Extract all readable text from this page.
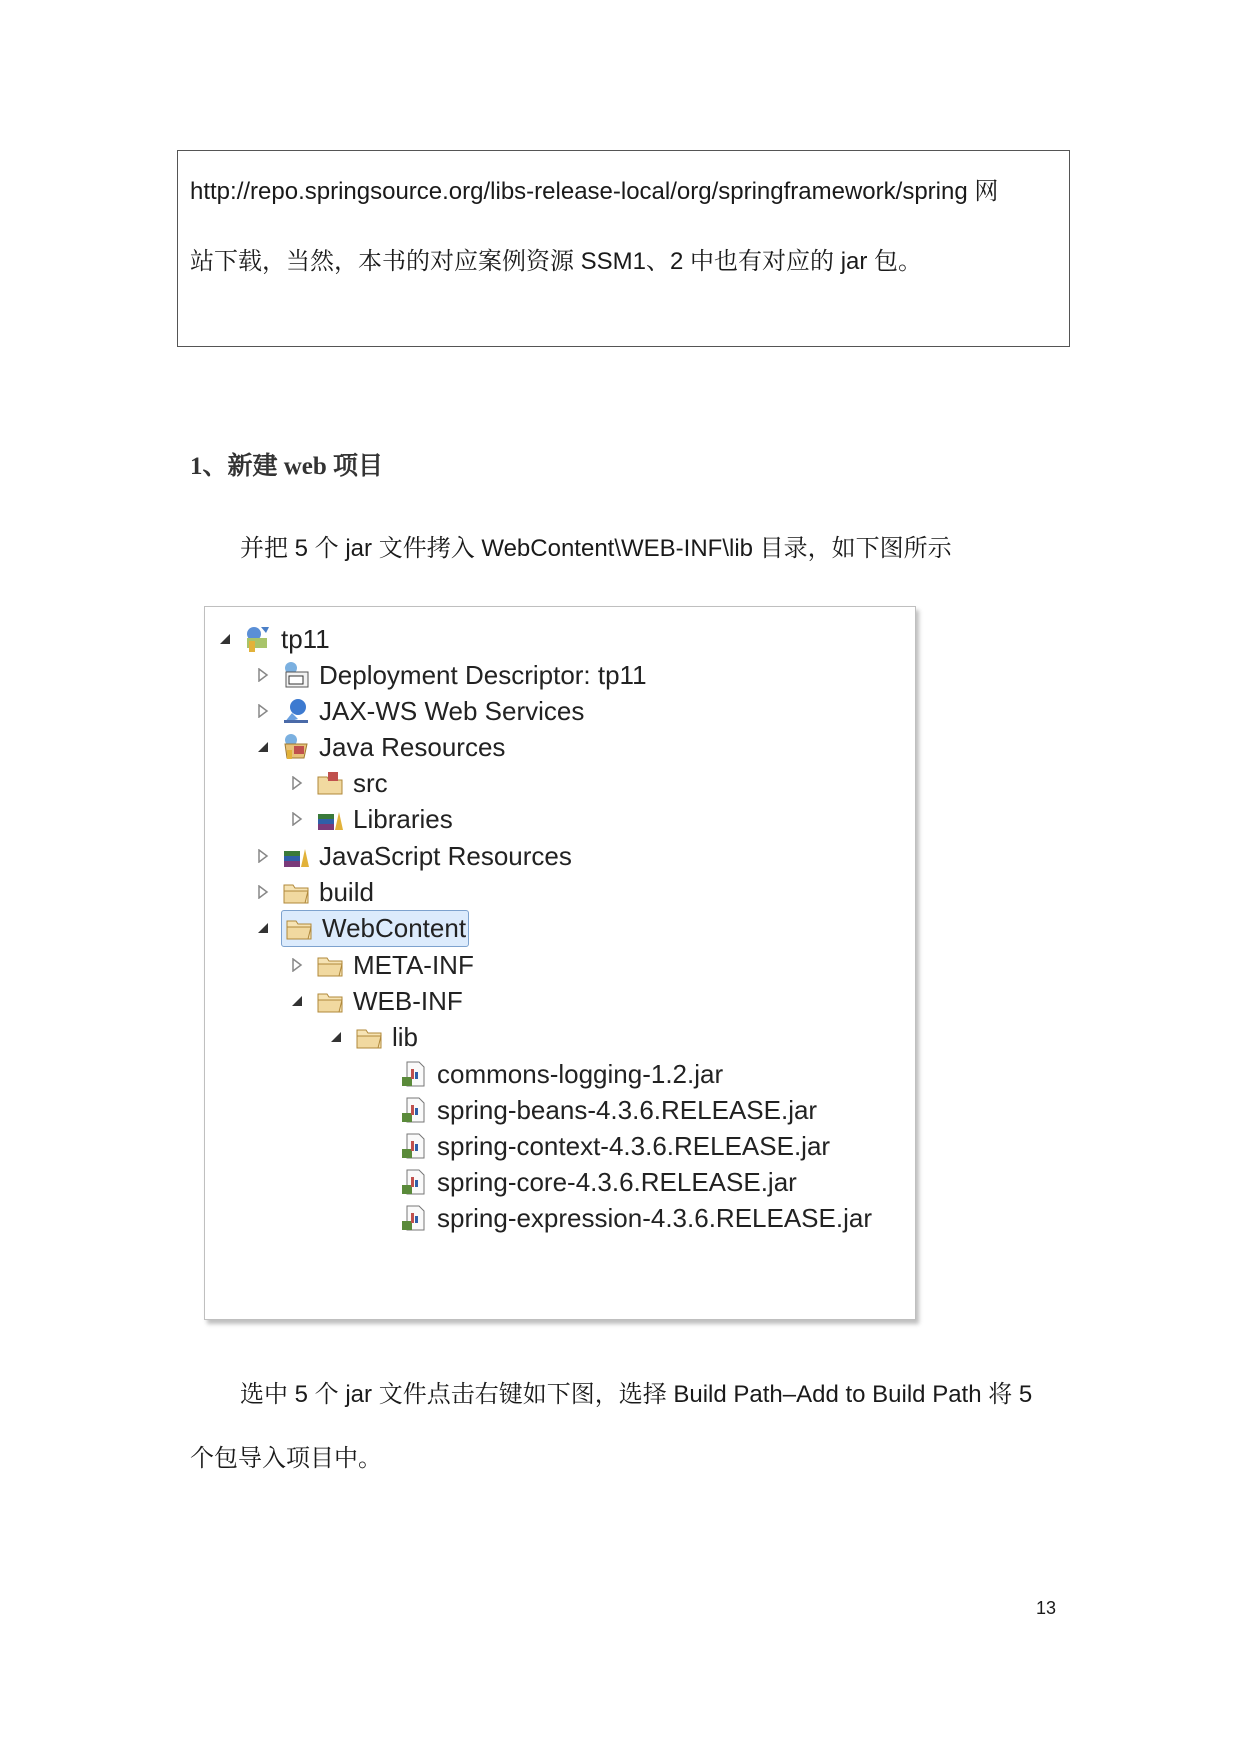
http://repo.springsource.org/libs-release-local/org/springframework/spring 网
站下载，当然，本书的对应案例资源 SSM1、2 中也有对应的 jar 包。
1、新建 web 项目
并把 5 个 jar 文件拷入 WebContent\WEB-INF\lib 目录，如下图所示
tp11
Deployment Descriptor: tp11
JAX-WS Web Services
Java Resources
src
Libraries
JavaScript Resources
build
WebContent
META-INF
WEB-INF
lib
commons-logging-1.2.jar
spring-beans-4.3.6.RELEASE.jar
spring-context-4.3.6.RELEASE.jar
spring-core-4.3.6.RELEASE.jar
spring-expression-4.3.6.RELEASE.jar
选中 5 个 jar 文件点击右键如下图，选择 Build Path–Add to Build Path 将 5
个包导入项目中。
13
